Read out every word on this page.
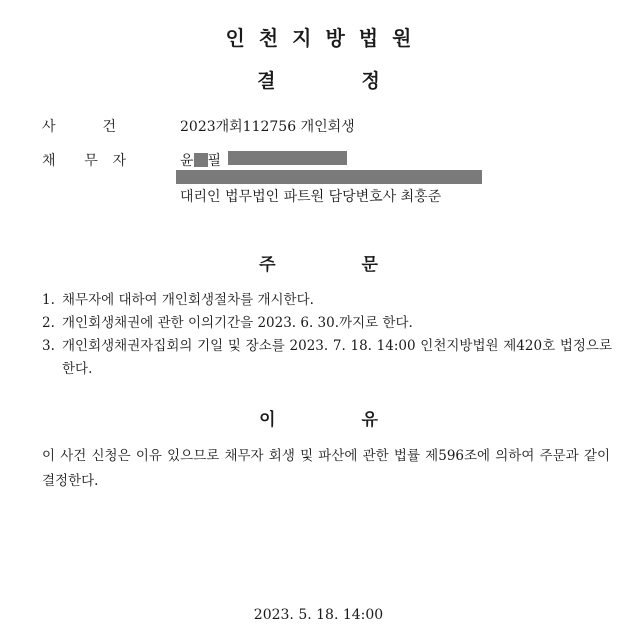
인천지방법원
결	정
사	건	2023개회112756 개인회생
채 무 자	윤 필
대리인 법무법인 파트원 담당변호사 최홍준
주	문
1. 채무자에 대하여 개인회생절차를 개시한다.
2. 개인회생채권에 관한 이의기간을 2023. 6. 30.까지로 한다.
3. 개인회생채권자집회의 기일 및 장소를 2023. 7. 18. 14:00 인천지방법원 제420호 법정으로 한다.
이	유
이 사건 신청은 이유 있으므로 채무자 회생 및 파산에 관한 법률 제596조에 의하여 주문과 같이 결정한다.
2023. 5. 18. 14:00
